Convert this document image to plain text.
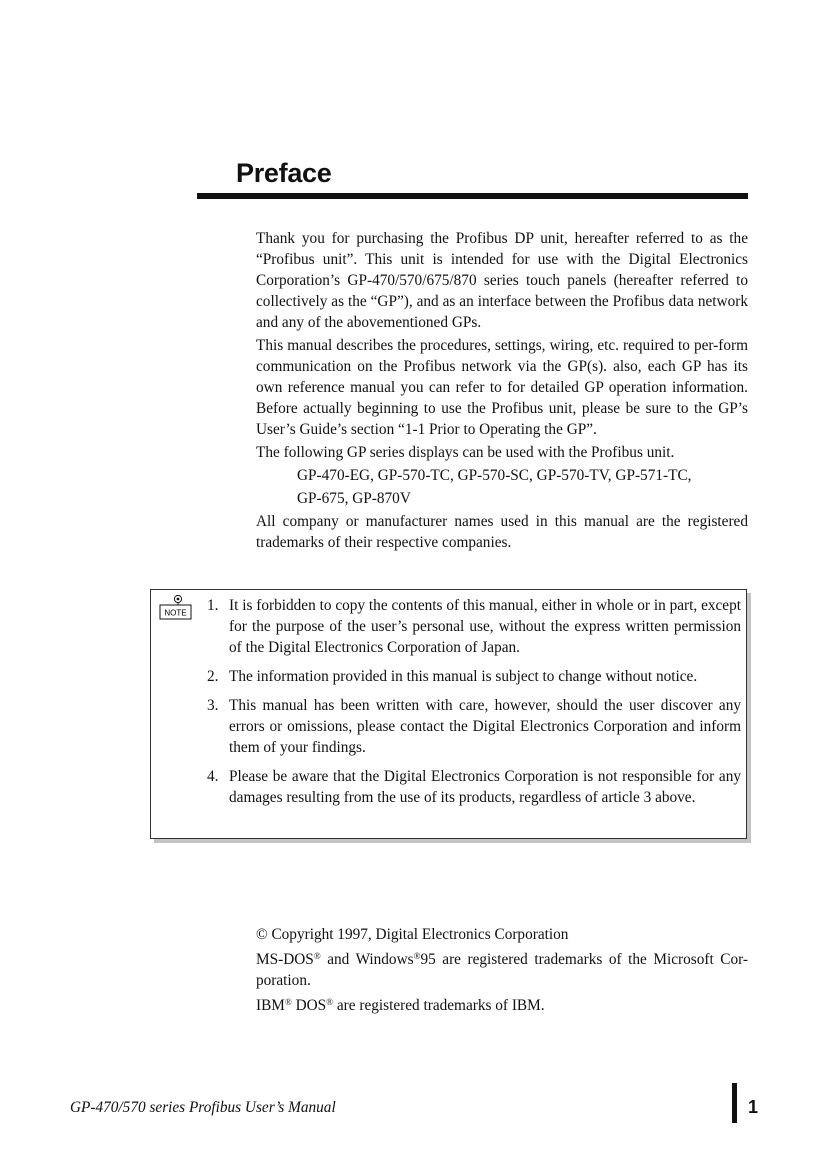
Preface

Thank you for purchasing the Profibus DP unit, hereafter referred to as the “Profibus unit”. This unit is intended for use with the Digital Electronics Corporation’s GP-470/570/675/870 series touch panels (hereafter referred to collectively as the “GP”), and as an interface between the Profibus data network and any of the abovementioned GPs.

This manual describes the procedures, settings, wiring, etc. required to per-form communication on the Profibus network via the GP(s). also, each GP has its own reference manual you can refer to for detailed GP operation information. Before actually beginning to use the Profibus unit, please be sure to the GP’s User’s Guide’s section “1-1 Prior to Operating the GP”.

The following GP series displays can be used with the Profibus unit.

GP-470-EG, GP-570-TC, GP-570-SC, GP-570-TV, GP-571-TC,

GP-675, GP-870V

All company or manufacturer names used in this manual are the registered trademarks of their respective companies.

NOTE 1. It is forbidden to copy the contents of this manual, either in whole or in part, except for the purpose of the user’s personal use, without the express written permission of the Digital Electronics Corporation of Japan.
2. The information provided in this manual is subject to change without notice.
3. This manual has been written with care, however, should the user discover any errors or omissions, please contact the Digital Electronics Corporation and inform them of your findings.
4. Please be aware that the Digital Electronics Corporation is not responsible for any damages resulting from the use of its products, regardless of article 3 above.

© Copyright 1997, Digital Electronics Corporation

MS-DOS® and Windows®95 are registered trademarks of the Microsoft Cor-poration.

IBM® DOS® are registered trademarks of IBM.

GP-470/570 series Profibus User’s Manual	1
